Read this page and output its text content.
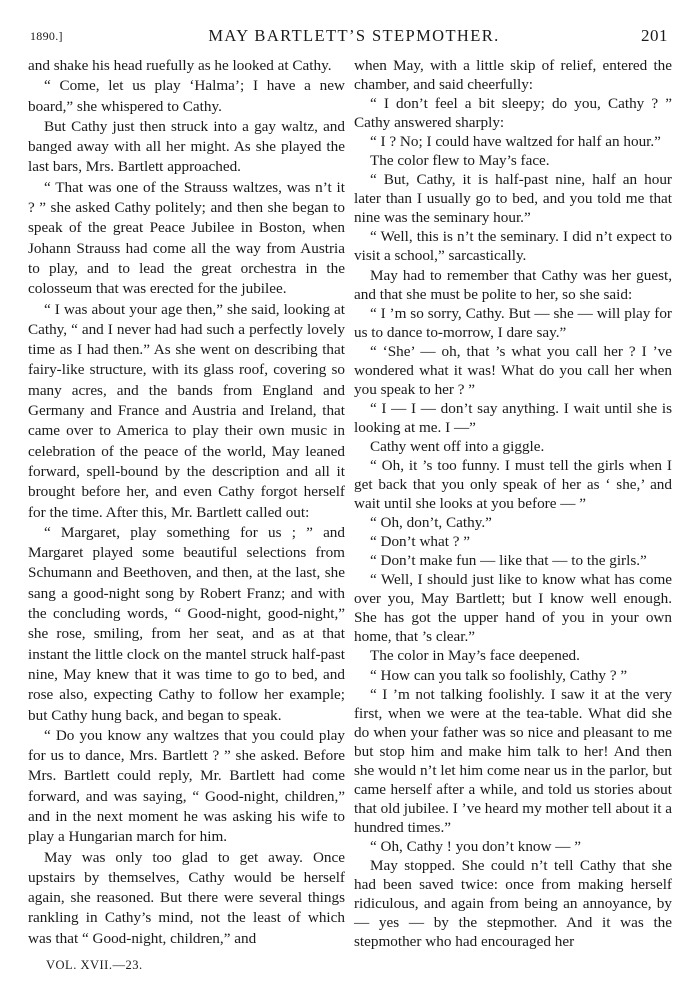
1890.]	MAY BARTLETT’S STEPMOTHER.	201

and shake his head ruefully as he looked at Cathy.

“ Come, let us play ‘Halma’; I have a new board,” she whispered to Cathy.

But Cathy just then struck into a gay waltz, and banged away with all her might. As she played the last bars, Mrs. Bartlett approached.

“ That was one of the Strauss waltzes, was n’t it ? ” she asked Cathy politely; and then she began to speak of the great Peace Jubilee in Boston, when Johann Strauss had come all the way from Austria to play, and to lead the great orchestra in the colosseum that was erected for the jubilee.

“ I was about your age then,” she said, looking at Cathy, “ and I never had had such a perfectly lovely time as I had then.” As she went on describing that fairy-like structure, with its glass roof, covering so many acres, and the bands from England and Germany and France and Austria and Ireland, that came over to America to play their own music in celebration of the peace of the world, May leaned forward, spell-bound by the description and all it brought before her, and even Cathy forgot herself for the time. After this, Mr. Bartlett called out:

“ Margaret, play something for us ; ” and Margaret played some beautiful selections from Schumann and Beethoven, and then, at the last, she sang a good-night song by Robert Franz; and with the concluding words, “ Good-night, good-night,” she rose, smiling, from her seat, and as at that instant the little clock on the mantel struck half-past nine, May knew that it was time to go to bed, and rose also, expecting Cathy to follow her example; but Cathy hung back, and began to speak.

“ Do you know any waltzes that you could play for us to dance, Mrs. Bartlett ? ” she asked. Before Mrs. Bartlett could reply, Mr. Bartlett had come forward, and was saying, “ Good-night, children,” and in the next moment he was asking his wife to play a Hungarian march for him.

May was only too glad to get away. Once upstairs by themselves, Cathy would be herself again, she reasoned. But there were several things rankling in Cathy’s mind, not the least of which was that “ Good-night, children,” and

when May, with a little skip of relief, entered the chamber, and said cheerfully:

“ I don’t feel a bit sleepy; do you, Cathy ? ” Cathy answered sharply:

“ I ? No; I could have waltzed for half an hour.”

The color flew to May’s face.

“ But, Cathy, it is half-past nine, half an hour later than I usually go to bed, and you told me that nine was the seminary hour.”

“ Well, this is n’t the seminary. I did n’t expect to visit a school,” sarcastically.

May had to remember that Cathy was her guest, and that she must be polite to her, so she said:

“ I ’m so sorry, Cathy. But — she — will play for us to dance to-morrow, I dare say.”

“ ‘She’ — oh, that ’s what you call her ? I ’ve wondered what it was! What do you call her when you speak to her ? ”

“ I — I — don’t say anything. I wait until she is looking at me. I —”

Cathy went off into a giggle.

“ Oh, it ’s too funny. I must tell the girls when I get back that you only speak of her as ‘ she,’ and wait until she looks at you before — ”

“ Oh, don’t, Cathy.”

“ Don’t what ? ”

“ Don’t make fun — like that — to the girls.”

“ Well, I should just like to know what has come over you, May Bartlett; but I know well enough. She has got the upper hand of you in your own home, that ’s clear.”

The color in May’s face deepened.

“ How can you talk so foolishly, Cathy ? ”

“ I ’m not talking foolishly. I saw it at the very first, when we were at the tea-table. What did she do when your father was so nice and pleasant to me but stop him and make him talk to her! And then she would n’t let him come near us in the parlor, but came herself after a while, and told us stories about that old jubilee. I ’ve heard my mother tell about it a hundred times.”

“ Oh, Cathy ! you don’t know — ”

May stopped. She could n’t tell Cathy that she had been saved twice: once from making herself ridiculous, and again from being an annoyance, by — yes — by the stepmother. And it was the stepmother who had encouraged her

VOL. XVII.—23.
